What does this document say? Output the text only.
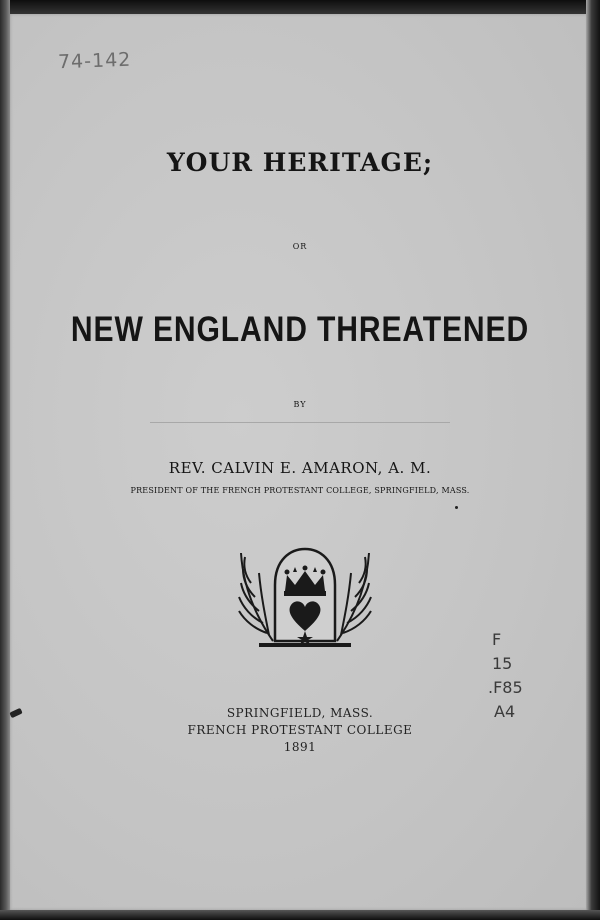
74-142
YOUR HERITAGE;
OR
NEW ENGLAND THREATENED
BY
REV. CALVIN E. AMARON, A. M.
PRESIDENT OF THE FRENCH PROTESTANT COLLEGE, SPRINGFIELD, MASS.
SPRINGFIELD, MASS.
FRENCH PROTESTANT COLLEGE
1891
F
15
.F85
A4
